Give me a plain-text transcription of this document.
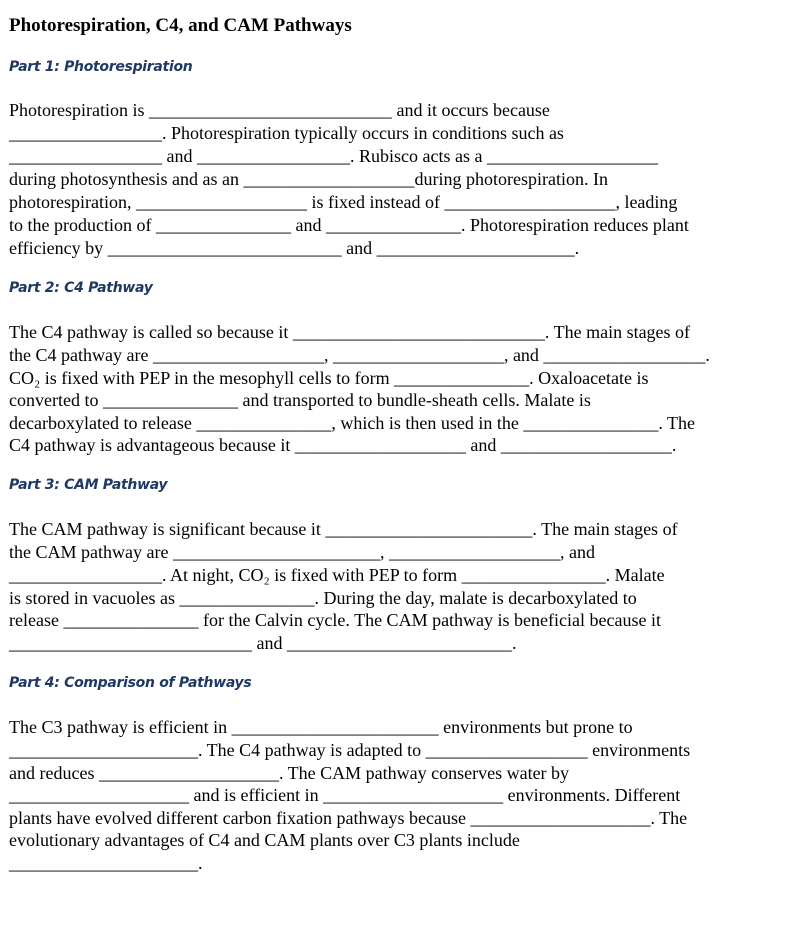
Photorespiration, C4, and CAM Pathways
Part 1: Photorespiration
Photorespiration is ___________________________ and it occurs because
_________________. Photorespiration typically occurs in conditions such as
_________________ and _________________. Rubisco acts as a ___________________
during photosynthesis and as an ___________________during photorespiration. In
photorespiration, ___________________ is fixed instead of ___________________, leading
to the production of _______________ and _______________. Photorespiration reduces plant
efficiency by __________________________ and ______________________.
Part 2: C4 Pathway
The C4 pathway is called so because it ____________________________. The main stages of
the C4 pathway are ___________________, ___________________, and __________________.
CO₂ is fixed with PEP in the mesophyll cells to form _______________. Oxaloacetate is
converted to _______________ and transported to bundle-sheath cells. Malate is
decarboxylated to release _______________, which is then used in the _______________. The
C4 pathway is advantageous because it ___________________ and ___________________.
Part 3: CAM Pathway
The CAM pathway is significant because it _______________________. The main stages of
the CAM pathway are _______________________, ___________________, and
_________________. At night, CO₂ is fixed with PEP to form ________________. Malate
is stored in vacuoles as _______________. During the day, malate is decarboxylated to
release _______________ for the Calvin cycle. The CAM pathway is beneficial because it
___________________________ and _________________________.
Part 4: Comparison of Pathways
The C3 pathway is efficient in _______________________ environments but prone to
_____________________. The C4 pathway is adapted to __________________ environments
and reduces ____________________. The CAM pathway conserves water by
____________________ and is efficient in ____________________ environments. Different
plants have evolved different carbon fixation pathways because ____________________. The
evolutionary advantages of C4 and CAM plants over C3 plants include
_____________________.
